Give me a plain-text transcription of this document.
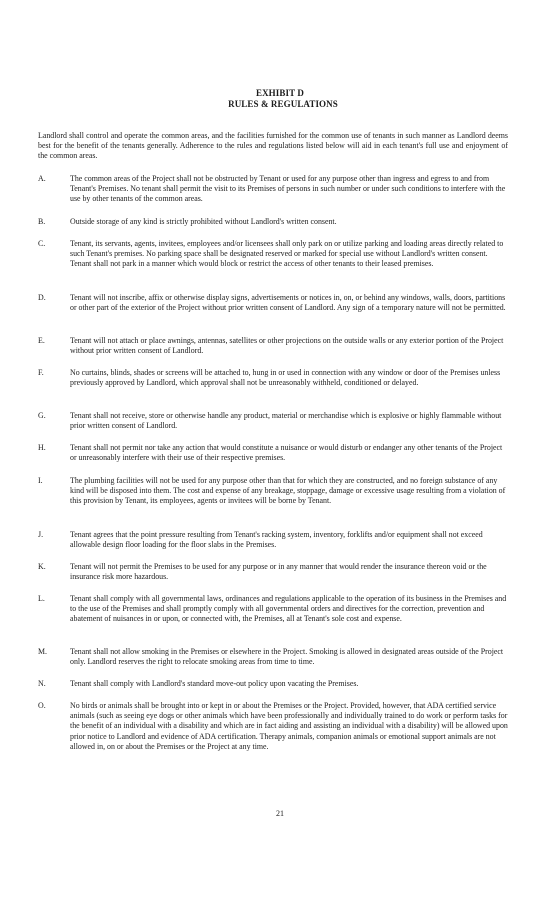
EXHIBIT D
RULES & REGULATIONS
Landlord shall control and operate the common areas, and the facilities furnished for the common use of tenants in such manner as Landlord deems best for the benefit of the tenants generally. Adherence to the rules and regulations listed below will aid in each tenant's full use and enjoyment of the common areas.
A.	The common areas of the Project shall not be obstructed by Tenant or used for any purpose other than ingress and egress to and from Tenant's Premises. No tenant shall permit the visit to its Premises of persons in such number or under such conditions to interfere with the use by other tenants of the common areas.
B.	Outside storage of any kind is strictly prohibited without Landlord's written consent.
C.	Tenant, its servants, agents, invitees, employees and/or licensees shall only park on or utilize parking and loading areas directly related to such Tenant's premises. No parking space shall be designated reserved or marked for special use without Landlord's written consent. Tenant shall not park in a manner which would block or restrict the access of other tenants to their leased premises.
D.	Tenant will not inscribe, affix or otherwise display signs, advertisements or notices in, on, or behind any windows, walls, doors, partitions or other part of the exterior of the Project without prior written consent of Landlord. Any sign of a temporary nature will not be permitted.
E.	Tenant will not attach or place awnings, antennas, satellites or other projections on the outside walls or any exterior portion of the Project without prior written consent of Landlord.
F.	No curtains, blinds, shades or screens will be attached to, hung in or used in connection with any window or door of the Premises unless previously approved by Landlord, which approval shall not be unreasonably withheld, conditioned or delayed.
G.	Tenant shall not receive, store or otherwise handle any product, material or merchandise which is explosive or highly flammable without prior written consent of Landlord.
H.	Tenant shall not permit nor take any action that would constitute a nuisance or would disturb or endanger any other tenants of the Project or unreasonably interfere with their use of their respective premises.
I.	The plumbing facilities will not be used for any purpose other than that for which they are constructed, and no foreign substance of any kind will be disposed into them. The cost and expense of any breakage, stoppage, damage or excessive usage resulting from a violation of this provision by Tenant, its employees, agents or invitees will be borne by Tenant.
J.	Tenant agrees that the point pressure resulting from Tenant's racking system, inventory, forklifts and/or equipment shall not exceed allowable design floor loading for the floor slabs in the Premises.
K.	Tenant will not permit the Premises to be used for any purpose or in any manner that would render the insurance thereon void or the insurance risk more hazardous.
L.	Tenant shall comply with all governmental laws, ordinances and regulations applicable to the operation of its business in the Premises and to the use of the Premises and shall promptly comply with all governmental orders and directives for the correction, prevention and abatement of nuisances in or upon, or connected with, the Premises, all at Tenant's sole cost and expense.
M.	Tenant shall not allow smoking in the Premises or elsewhere in the Project. Smoking is allowed in designated areas outside of the Project only. Landlord reserves the right to relocate smoking areas from time to time.
N.	Tenant shall comply with Landlord's standard move-out policy upon vacating the Premises.
O.	No birds or animals shall be brought into or kept in or about the Premises or the Project. Provided, however, that ADA certified service animals (such as seeing eye dogs or other animals which have been professionally and individually trained to do work or perform tasks for the benefit of an individual with a disability and which are in fact aiding and assisting an individual with a disability) will be allowed upon prior notice to Landlord and evidence of ADA certification. Therapy animals, companion animals or emotional support animals are not allowed in, on or about the Premises or the Project at any time.
21
